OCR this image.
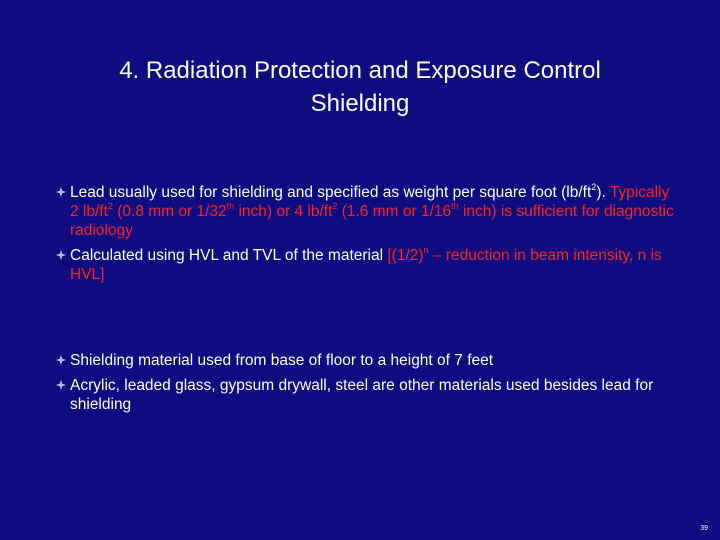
4. Radiation Protection and Exposure Control
Shielding
Lead usually used for shielding and specified as weight per square foot $(lb/ft^2)$. Typically 2 $lb/ft^2$ (0.8 mm or 1/32th inch) or 4 $lb/ft^2$ (1.6 mm or 1/16th inch) is sufficient for diagnostic radiology
Calculated using HVL and TVL of the material [$(1/2)^n$ – reduction in beam intensity, n is HVL]
Shielding material used from base of floor to a height of 7 feet
Acrylic, leaded glass, gypsum drywall, steel are other materials used besides lead for shielding
39
